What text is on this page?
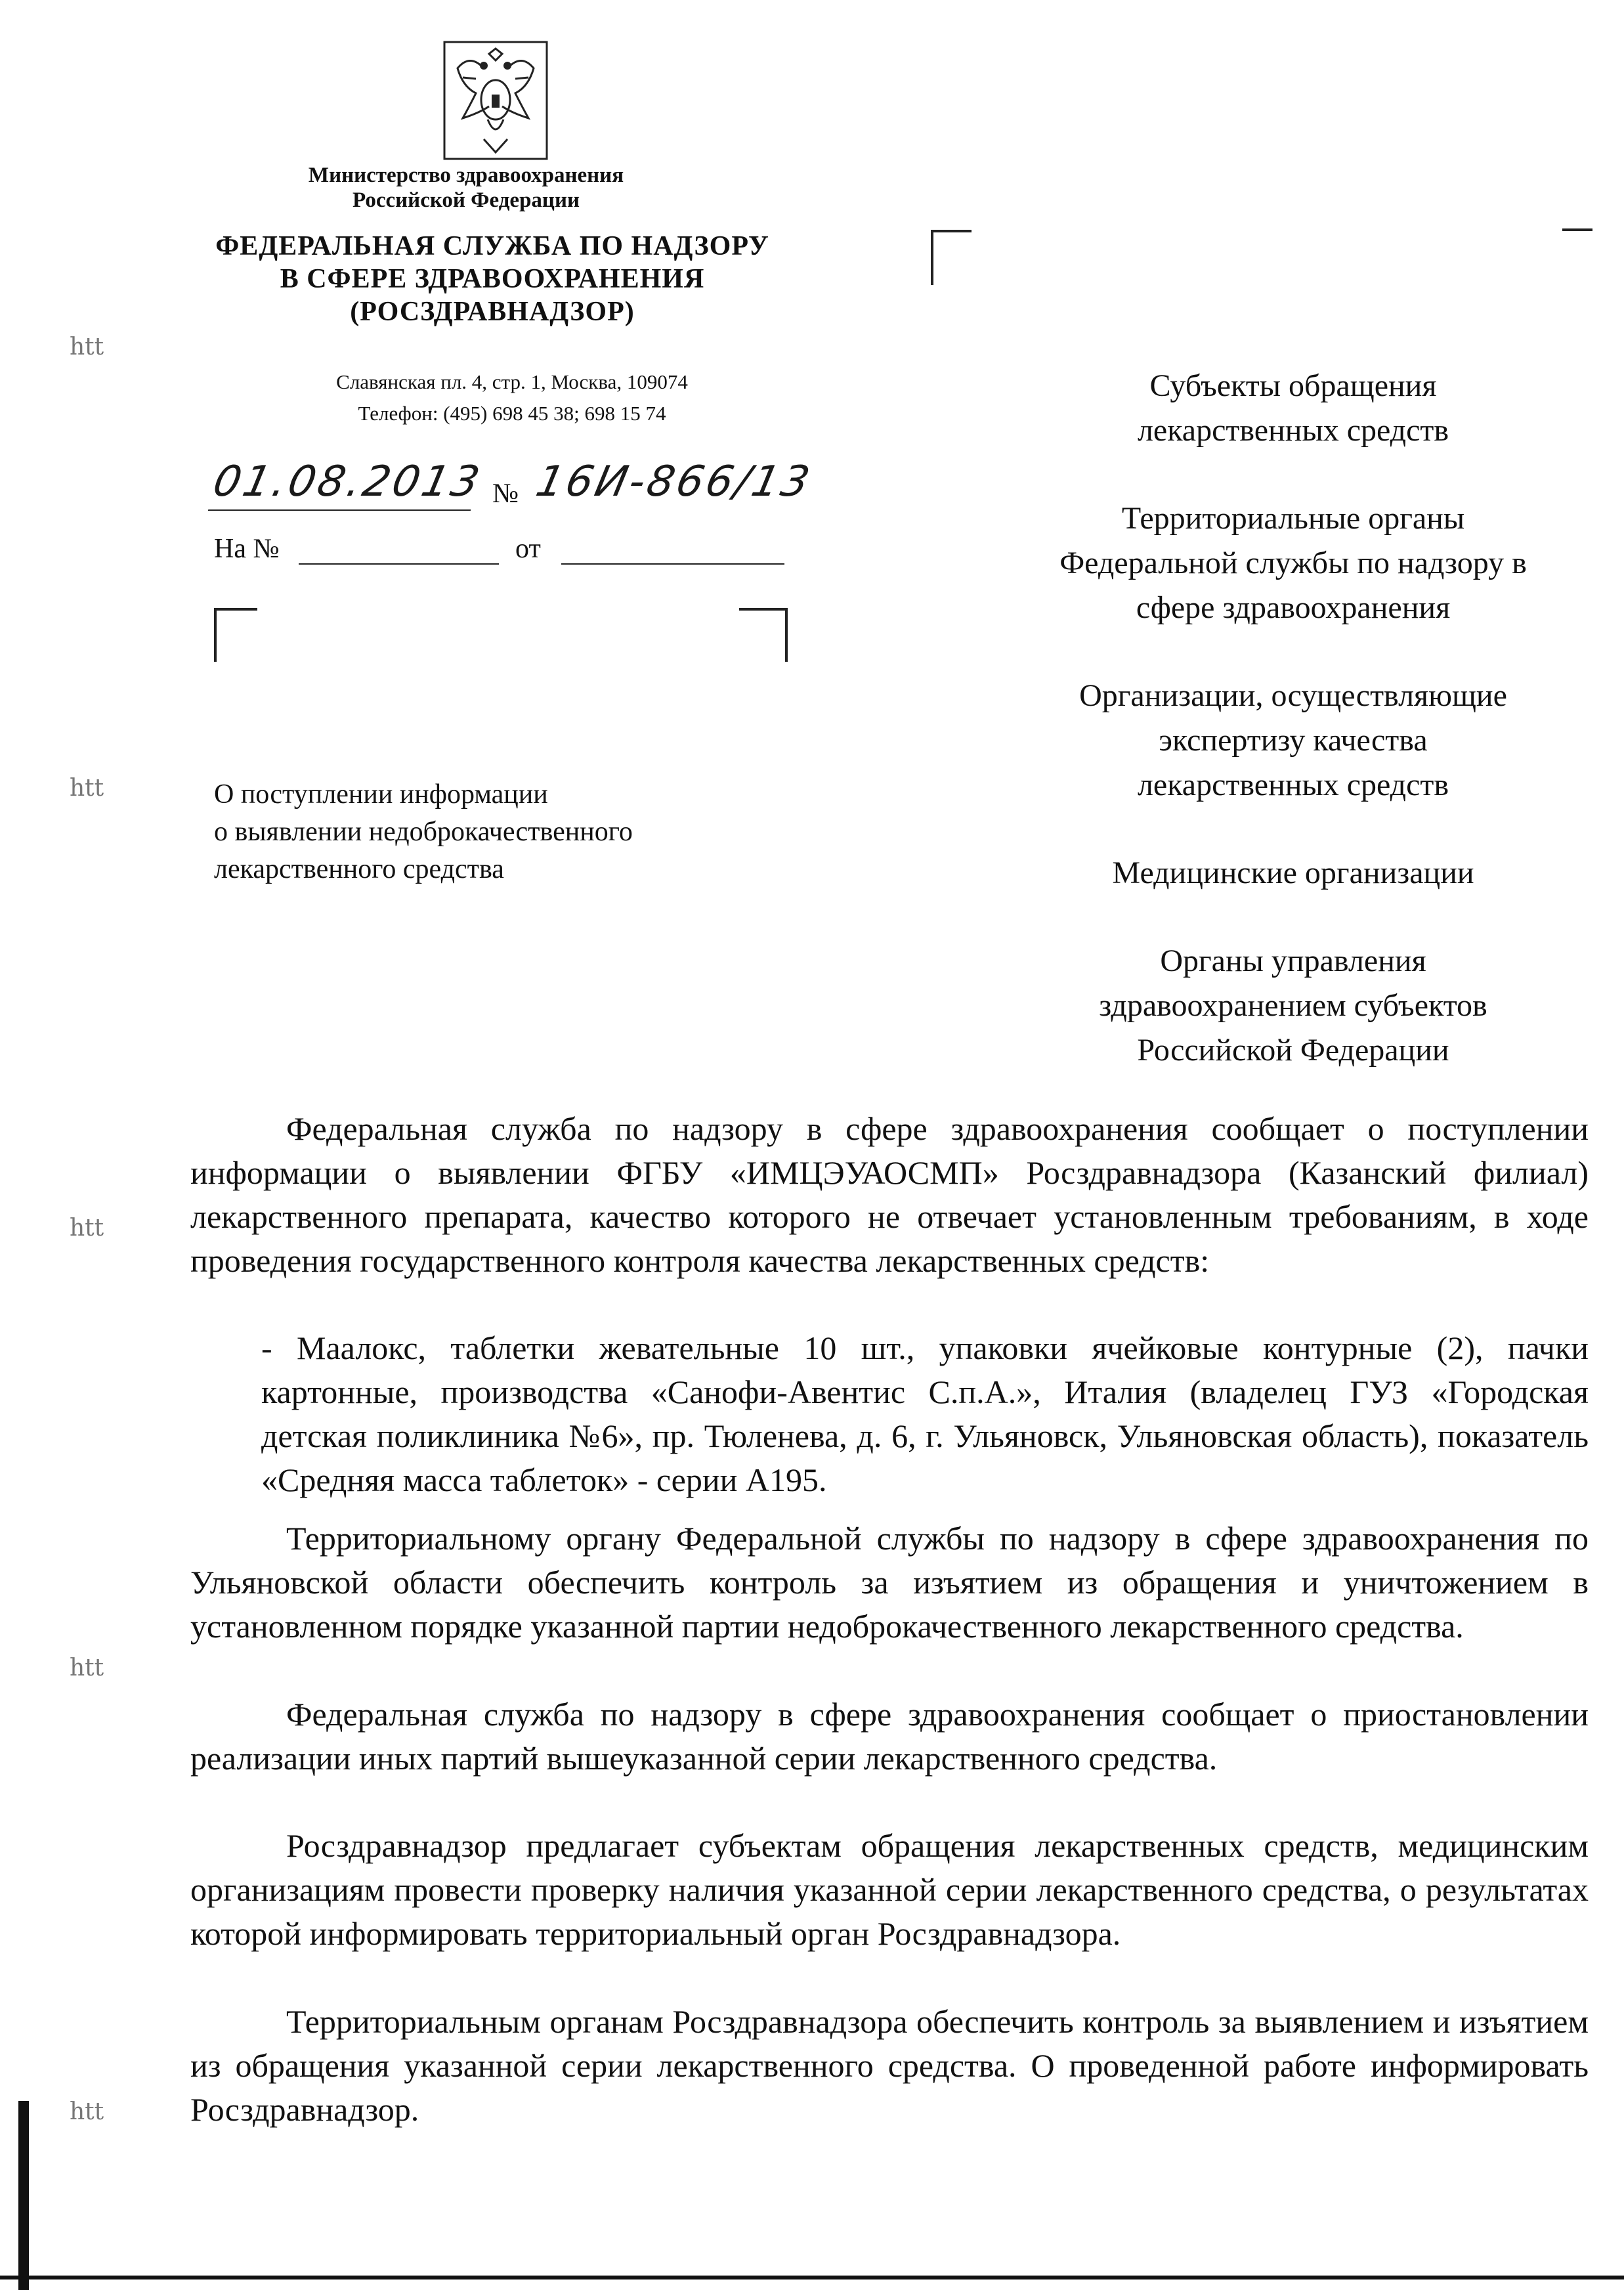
Министерство здравоохранения
Российской Федерации
ФЕДЕРАЛЬНАЯ СЛУЖБА ПО НАДЗОРУ
В СФЕРЕ ЗДРАВООХРАНЕНИЯ
(РОСЗДРАВНАДЗОР)
Славянская пл. 4, стр. 1, Москва, 109074
Телефон: (495) 698 45 38; 698 15 74
01.08.2013 № 16И-866/13
На №	от
Субъекты обращения
лекарственных средств
Территориальные органы
Федеральной службы по надзору в
сфере здравоохранения
Организации, осуществляющие
экспертизу качества
лекарственных средств
Медицинские организации
Органы управления
здравоохранением субъектов
Российской Федерации
О поступлении информации
о выявлении недоброкачественного
лекарственного средства

Федеральная служба по надзору в сфере здравоохранения сообщает о поступлении информации о выявлении ФГБУ «ИМЦЭУАОСМП» Росздравнадзора (Казанский филиал) лекарственного препарата, качество которого не отвечает установленным требованиям, в ходе проведения государственного контроля качества лекарственных средств:

- Маалокс, таблетки жевательные 10 шт., упаковки ячейковые контурные (2), пачки картонные, производства «Санофи-Авентис С.п.А.», Италия (владелец ГУЗ «Городская детская поликлиника №6», пр. Тюленева, д. 6, г. Ульяновск, Ульяновская область), показатель «Средняя масса таблеток» - серии A195.

Территориальному органу Федеральной службы по надзору в сфере здравоохранения по Ульяновской области обеспечить контроль за изъятием из обращения и уничтожением в установленном порядке указанной партии недоброкачественного лекарственного средства.

Федеральная служба по надзору в сфере здравоохранения сообщает о приостановлении реализации иных партий вышеуказанной серии лекарственного средства.

Росздравнадзор предлагает субъектам обращения лекарственных средств, медицинским организациям провести проверку наличия указанной серии лекарственного средства, о результатах которой информировать территориальный орган Росздравнадзора.

Территориальным органам Росздравнадзора обеспечить контроль за выявлением и изъятием из обращения указанной серии лекарственного средства. О проведенной работе информировать Росздравнадзор.

htt
htt
htt
htt
htt
